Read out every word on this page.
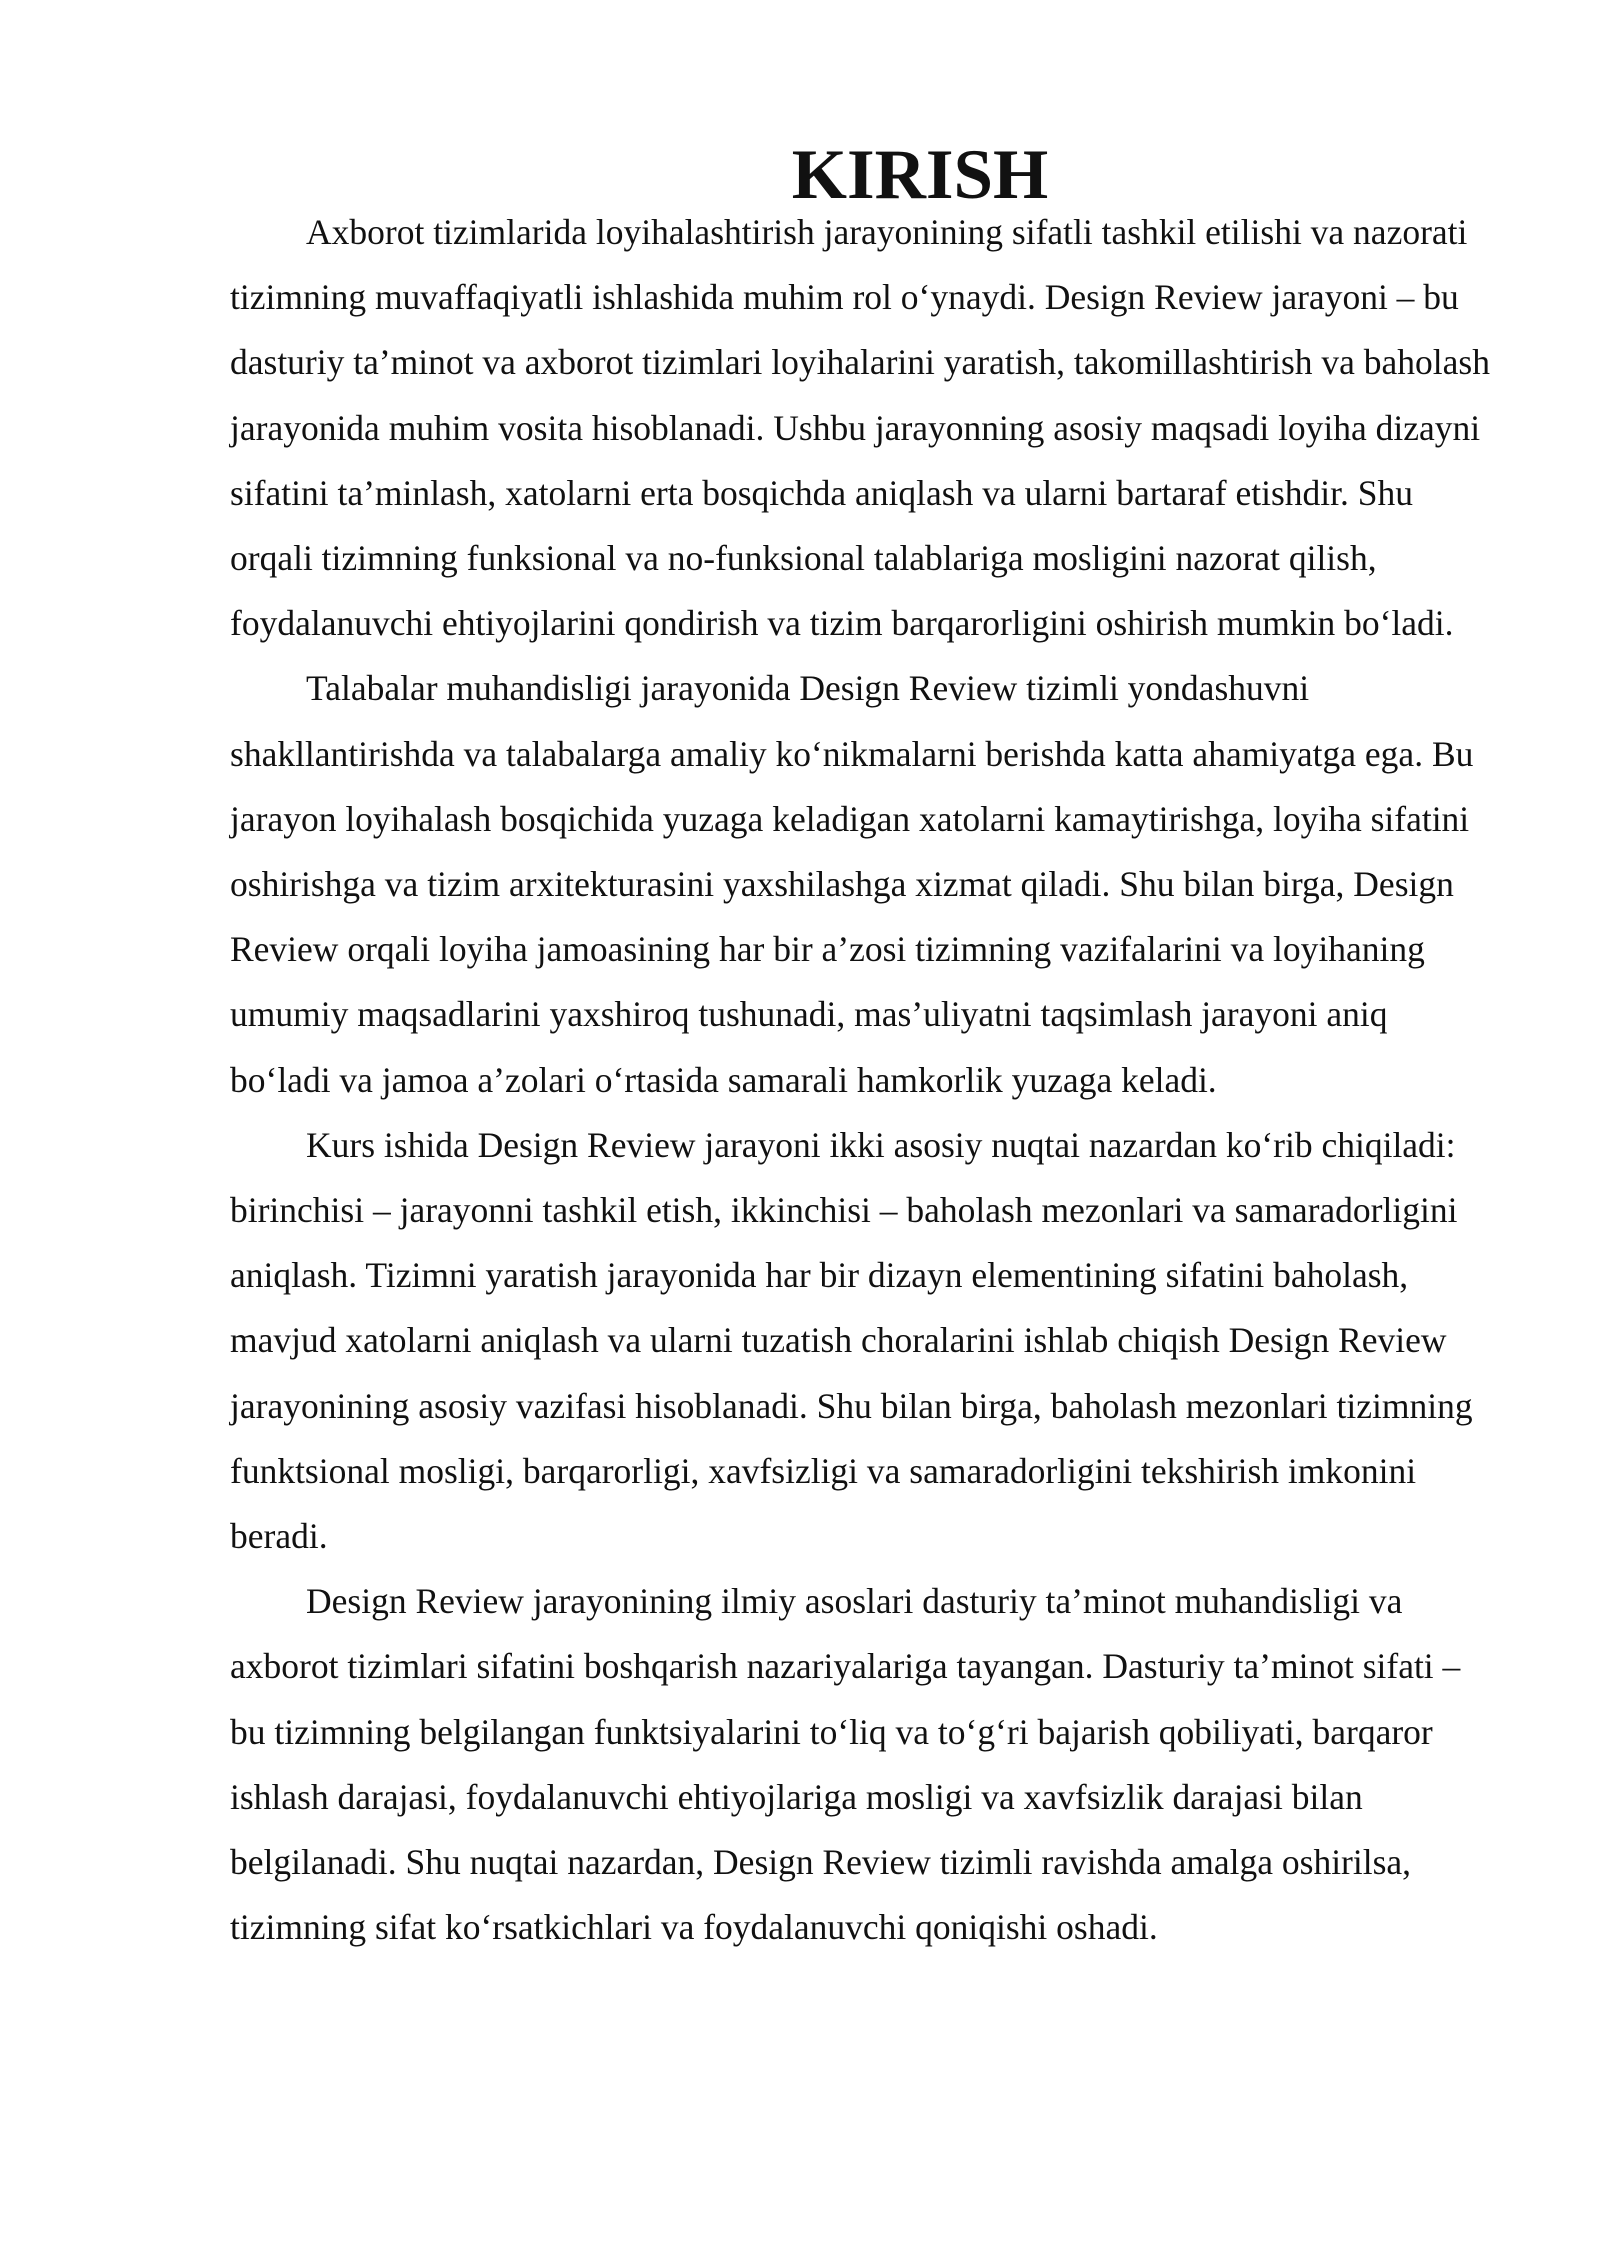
KIRISH

Axborot tizimlarida loyihalashtirish jarayonining sifatli tashkil etilishi va nazorati tizimning muvaffaqiyatli ishlashida muhim rol o‘ynaydi. Design Review jarayoni – bu dasturiy ta’minot va axborot tizimlari loyihalarini yaratish, takomillashtirish va baholash jarayonida muhim vosita hisoblanadi. Ushbu jarayonning asosiy maqsadi loyiha dizayni sifatini ta’minlash, xatolarni erta bosqichda aniqlash va ularni bartaraf etishdir. Shu orqali tizimning funksional va no-funksional talablariga mosligini nazorat qilish, foydalanuvchi ehtiyojlarini qondirish va tizim barqarorligini oshirish mumkin bo‘ladi.

Talabalar muhandisligi jarayonida Design Review tizimli yondashuvni shakllantirishda va talabalarga amaliy ko‘nikmalarni berishda katta ahamiyatga ega. Bu jarayon loyihalash bosqichida yuzaga keladigan xatolarni kamaytirishga, loyiha sifatini oshirishga va tizim arxitekturasini yaxshilashga xizmat qiladi. Shu bilan birga, Design Review orqali loyiha jamoasining har bir a’zosi tizimning vazifalarini va loyihaning umumiy maqsadlarini yaxshiroq tushunadi, mas’uliyatni taqsimlash jarayoni aniq bo‘ladi va jamoa a’zolari o‘rtasida samarali hamkorlik yuzaga keladi.

Kurs ishida Design Review jarayoni ikki asosiy nuqtai nazardan ko‘rib chiqiladi: birinchisi – jarayonni tashkil etish, ikkinchisi – baholash mezonlari va samaradorligini aniqlash. Tizimni yaratish jarayonida har bir dizayn elementining sifatini baholash, mavjud xatolarni aniqlash va ularni tuzatish choralarini ishlab chiqish Design Review jarayonining asosiy vazifasi hisoblanadi. Shu bilan birga, baholash mezonlari tizimning funktsional mosligi, barqarorligi, xavfsizligi va samaradorligini tekshirish imkonini beradi.

Design Review jarayonining ilmiy asoslari dasturiy ta’minot muhandisligi va axborot tizimlari sifatini boshqarish nazariyalariga tayangan. Dasturiy ta’minot sifati – bu tizimning belgilangan funktsiyalarini to‘liq va to‘g‘ri bajarish qobiliyati, barqaror ishlash darajasi, foydalanuvchi ehtiyojlariga mosligi va xavfsizlik darajasi bilan belgilanadi. Shu nuqtai nazardan, Design Review tizimli ravishda amalga oshirilsa, tizimning sifat ko‘rsatkichlari va foydalanuvchi qoniqishi oshadi.
